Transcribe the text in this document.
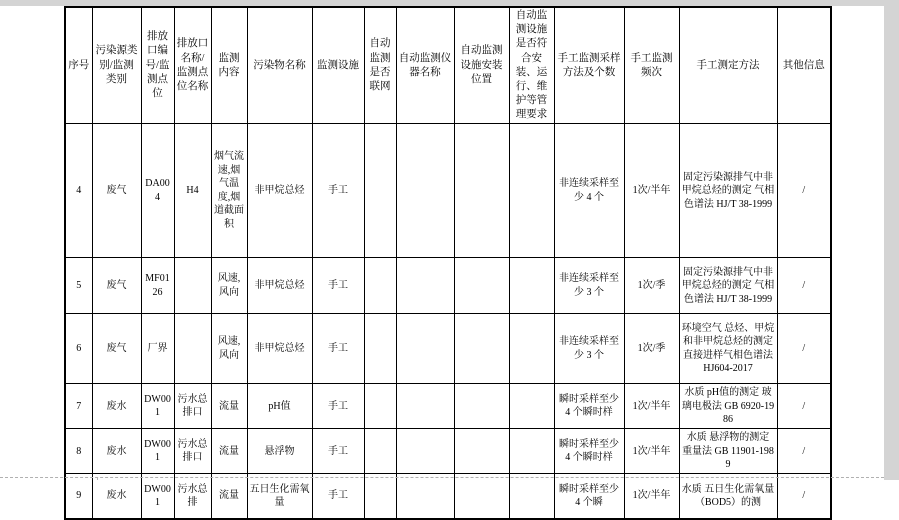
序号	污染源类别/监测类别	排放口编号/监测点位	排放口名称/监测点位名称	监测内容	污染物名称	监测设施	自动监测是否联网	自动监测仪器名称	自动监测设施安装位置	自动监测设施是否符合安装、运行、维护等管理要求	手工监测采样方法及个数	手工监测频次	手工测定方法	其他信息
4	废气	DA004	H4	烟气流速,烟气温度,烟道截面积	非甲烷总烃	手工					非连续采样至少 4 个	1次/半年	固定污染源排气中非甲烷总烃的测定 气相色谱法 HJ/T 38-1999	/
5	废气	MF0126		风速,风向	非甲烷总烃	手工					非连续采样至少 3 个	1次/季	固定污染源排气中非甲烷总烃的测定 气相色谱法 HJ/T 38-1999	/
6	废气	厂界		风速,风向	非甲烷总烃	手工					非连续采样至少 3 个	1次/季	环境空气 总烃、甲烷和非甲烷总烃的测定 直接进样气相色谱法 HJ604-2017	/
7	废水	DW001	污水总排口	流量	pH值	手工					瞬时采样至少 4 个瞬时样	1次/半年	水质 pH值的测定 玻璃电极法 GB 6920-1986	/
8	废水	DW001	污水总排口	流量	悬浮物	手工					瞬时采样至少 4 个瞬时样	1次/半年	水质 悬浮物的测定 重量法 GB 11901-1989	/
9	废水	DW001	污水总排	流量	五日生化需氧量	手工					瞬时采样至少 4 个瞬	1次/半年	水质 五日生化需氧量（BOD5）的测	/
